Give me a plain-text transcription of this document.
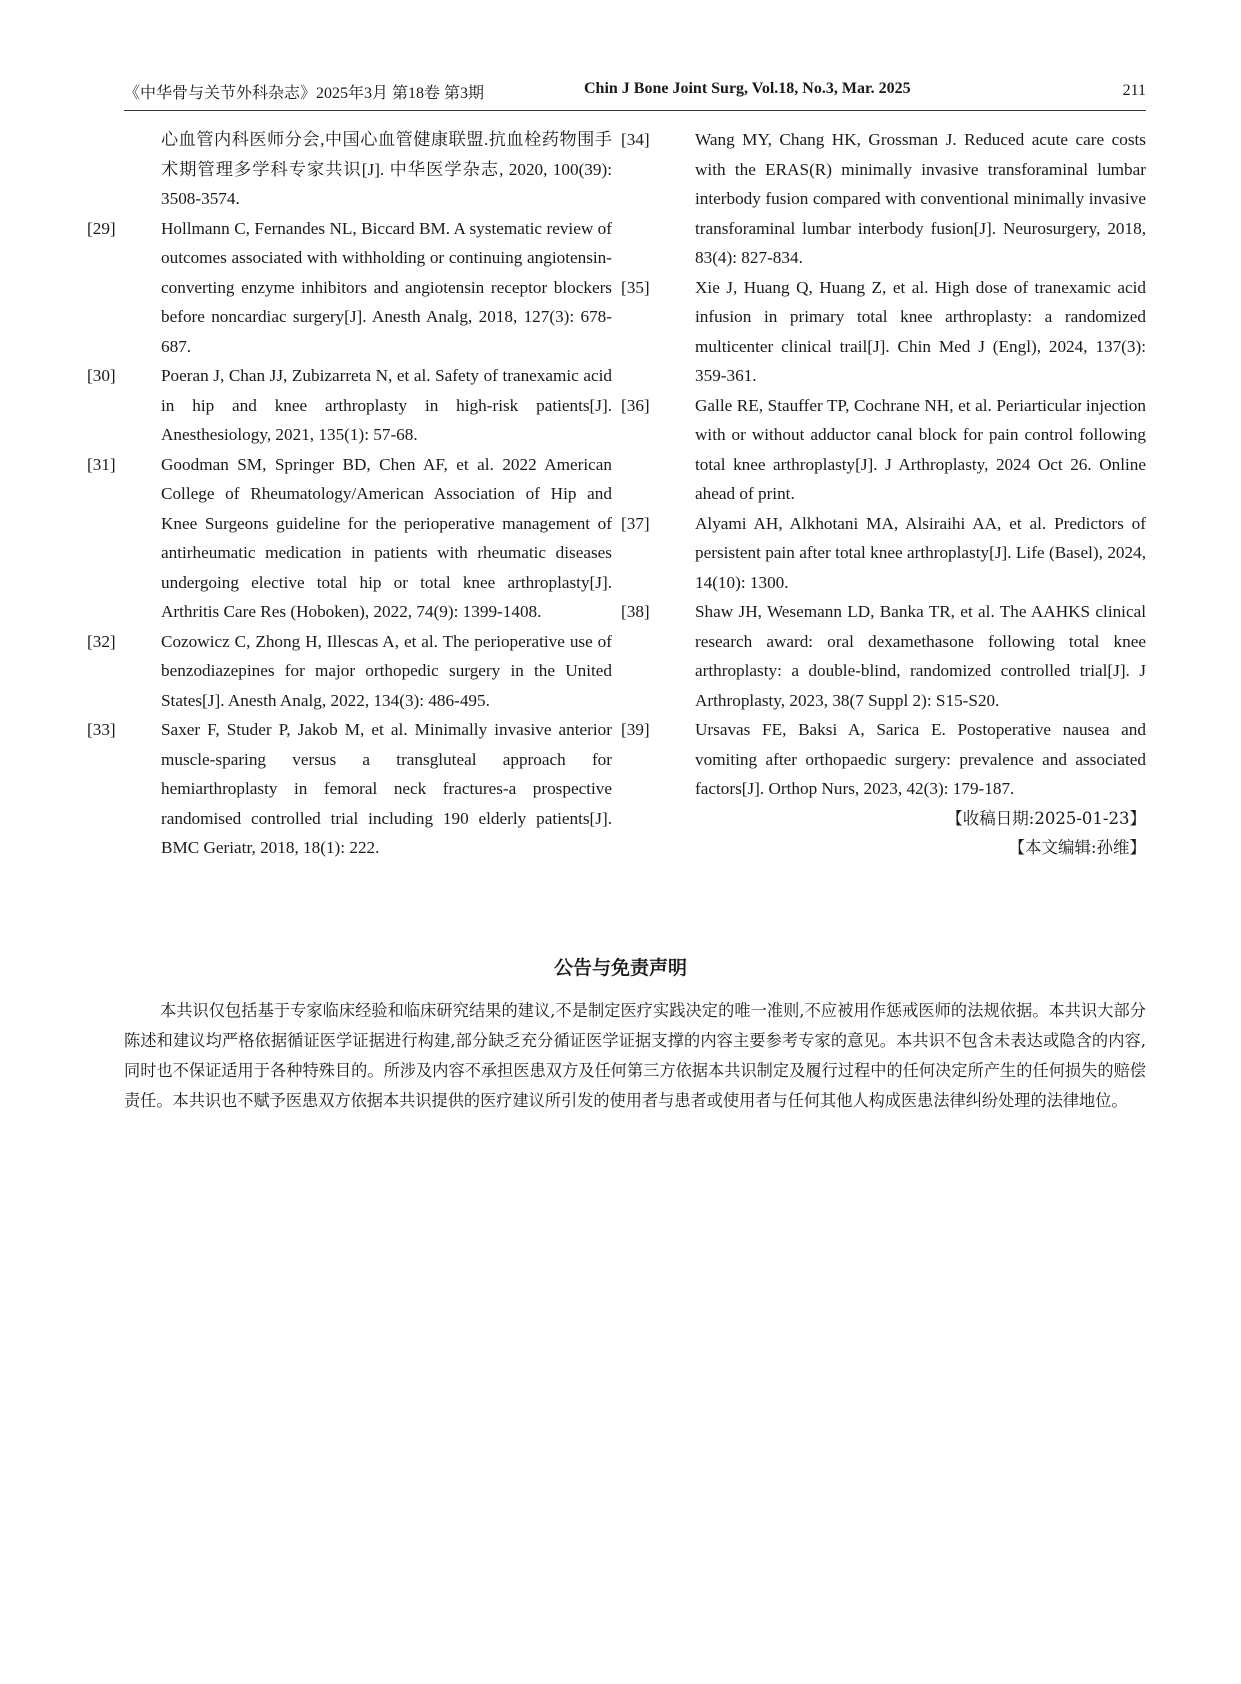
《中华骨与关节外科杂志》2025年3月 第18卷 第3期	Chin J Bone Joint Surg, Vol.18, No.3, Mar. 2025	211

心血管内科医师分会,中国心血管健康联盟.抗血栓药物围手术期管理多学科专家共识[J]. 中华医学杂志, 2020, 100(39): 3508-3574.

[29]	Hollmann C, Fernandes NL, Biccard BM. A systematic review of outcomes associated with withholding or continuing angiotensin-converting enzyme inhibitors and angiotensin receptor blockers before noncardiac surgery[J]. Anesth Analg, 2018, 127(3): 678-687.

[30]	Poeran J, Chan JJ, Zubizarreta N, et al. Safety of tranexamic acid in hip and knee arthroplasty in high-risk patients[J]. Anesthesiology, 2021, 135(1): 57-68.

[31]	Goodman SM, Springer BD, Chen AF, et al. 2022 American College of Rheumatology/American Association of Hip and Knee Surgeons guideline for the perioperative management of antirheumatic medication in patients with rheumatic diseases undergoing elective total hip or total knee arthroplasty[J]. Arthritis Care Res (Hoboken), 2022, 74(9): 1399-1408.

[32]	Cozowicz C, Zhong H, Illescas A, et al. The perioperative use of benzodiazepines for major orthopedic surgery in the United States[J]. Anesth Analg, 2022, 134(3): 486-495.

[33]	Saxer F, Studer P, Jakob M, et al. Minimally invasive anterior muscle-sparing versus a transgluteal approach for hemiarthroplasty in femoral neck fractures-a prospective randomised controlled trial including 190 elderly patients[J]. BMC Geriatr, 2018, 18(1): 222.

[34]	Wang MY, Chang HK, Grossman J. Reduced acute care costs with the ERAS(R) minimally invasive transforaminal lumbar interbody fusion compared with conventional minimally invasive transforaminal lumbar interbody fusion[J]. Neurosurgery, 2018, 83(4): 827-834.

[35]	Xie J, Huang Q, Huang Z, et al. High dose of tranexamic acid infusion in primary total knee arthroplasty: a randomized multicenter clinical trail[J]. Chin Med J (Engl), 2024, 137(3): 359-361.

[36]	Galle RE, Stauffer TP, Cochrane NH, et al. Periarticular injection with or without adductor canal block for pain control following total knee arthroplasty[J]. J Arthroplasty, 2024 Oct 26. Online ahead of print.

[37]	Alyami AH, Alkhotani MA, Alsiraihi AA, et al. Predictors of persistent pain after total knee arthroplasty[J]. Life (Basel), 2024, 14(10): 1300.

[38]	Shaw JH, Wesemann LD, Banka TR, et al. The AAHKS clinical research award: oral dexamethasone following total knee arthroplasty: a double-blind, randomized controlled trial[J]. J Arthroplasty, 2023, 38(7 Suppl 2): S15-S20.

[39]	Ursavas FE, Baksi A, Sarica E. Postoperative nausea and vomiting after orthopaedic surgery: prevalence and associated factors[J]. Orthop Nurs, 2023, 42(3): 179-187.

【收稿日期:2025-01-23】
【本文编辑:孙维】
公告与免责声明
本共识仅包括基于专家临床经验和临床研究结果的建议,不是制定医疗实践决定的唯一准则,不应被用作惩戒医师的法规依据。本共识大部分陈述和建议均严格依据循证医学证据进行构建,部分缺乏充分循证医学证据支撑的内容主要参考专家的意见。本共识不包含未表达或隐含的内容,同时也不保证适用于各种特殊目的。所涉及内容不承担医患双方及任何第三方依据本共识制定及履行过程中的任何决定所产生的任何损失的赔偿责任。本共识也不赋予医患双方依据本共识提供的医疗建议所引发的使用者与患者或使用者与任何其他人构成医患法律纠纷处理的法律地位。
